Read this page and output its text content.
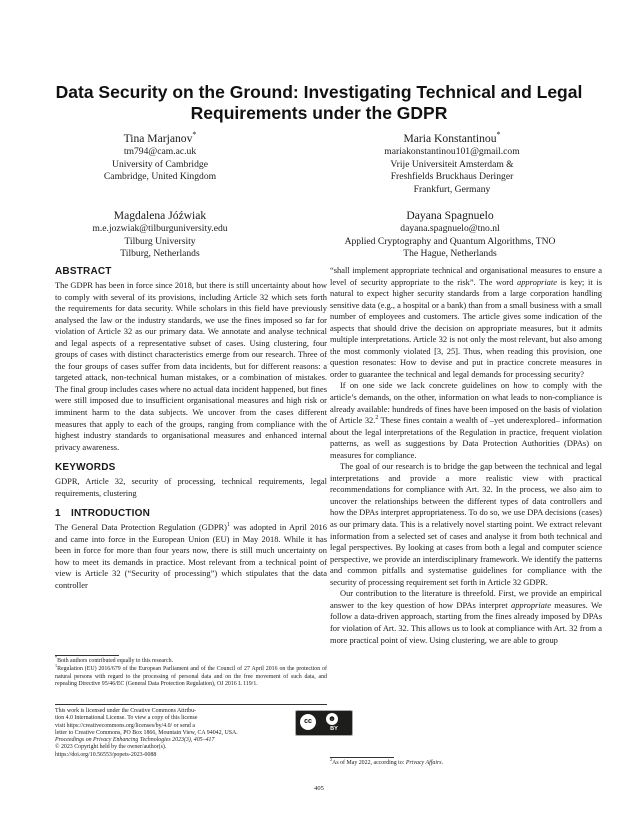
Data Security on the Ground: Investigating Technical and Legal Requirements under the GDPR
Tina Marjanov*
tm794@cam.ac.uk
University of Cambridge
Cambridge, United Kingdom
Maria Konstantinou*
mariakonstantinou101@gmail.com
Vrije Universiteit Amsterdam &
Freshfields Bruckhaus Deringer
Frankfurt, Germany
Magdalena Jóźwiak
m.e.jozwiak@tilburguniversity.edu
Tilburg University
Tilburg, Netherlands
Dayana Spagnuelo
dayana.spagnuelo@tno.nl
Applied Cryptography and Quantum Algorithms, TNO
The Hague, Netherlands
ABSTRACT

The GDPR has been in force since 2018, but there is still uncertainty about how to comply with several of its provisions, including Article 32 which sets forth the requirements for data security. While scholars in this field have previously analysed the law or the industry standards, we use the fines imposed so far for violation of Article 32 as our primary data. We annotate and analyse technical and legal aspects of a representative subset of cases. Using clustering, four groups of cases with distinct characteristics emerge from our research. Three of the four groups of cases suffer from data incidents, but for different reasons: a targeted attack, non-technical human mistakes, or a combination of mistakes. The final group includes cases where no actual data incident happened, but fines were still imposed due to insufficient organisational measures and high risk or imminent harm to the data subjects. We uncover from the cases different measures that apply to each of the groups, ranging from compliance with the highest industry standards to organisational measures and enhanced internal privacy awareness.

KEYWORDS

GDPR, Article 32, security of processing, technical requirements, legal requirements, clustering

1 INTRODUCTION

The General Data Protection Regulation (GDPR)$^1$ was adopted in April 2016 and came into force in the European Union (EU) in May 2018. While it has been in force for more than four years now, there is still much uncertainty on how to meet its demands in practice. Most relevant from a technical point of view is Article 32 (“Security of processing”) which stipulates that the data controller

*Both authors contributed equally to this research.

$^1$Regulation (EU) 2016/679 of the European Parliament and of the Council of 27 April 2016 on the protection of natural persons with regard to the processing of personal data and on the free movement of such data, and repealing Directive 95/46/EC (General Data Protection Regulation), OJ 2016 L 119/1.

This work is licensed under the Creative Commons Attribu-
tion 4.0 International License. To view a copy of this license
visit https://creativecommons.org/licenses/by/4.0/ or send a
letter to Creative Commons, PO Box 1866, Mountain View, CA 94042, USA.
cc	☻
BY
Proceedings on Privacy Enhancing Technologies 2023(3), 405–417
© 2023 Copyright held by the owner/author(s).
https://doi.org/10.56553/popets-2023-0088

“shall implement appropriate technical and organisational measures to ensure a level of security appropriate to the risk”. The word appropriate is key; it is natural to expect higher security standards from a large corporation handling sensitive data (e.g., a hospital or a bank) than from a small business with a small number of employees and customers. The article gives some indication of the aspects that should drive the decision on appropriate measures, but it admits multiple interpretations. Article 32 is not only the most relevant, but also among the most commonly violated [3, 25]. Thus, when reading this provision, one question resonates: How to devise and put in practice concrete measures in order to guarantee the technical and legal demands for processing security?

If on one side we lack concrete guidelines on how to comply with the article’s demands, on the other, information on what leads to non-compliance is already available: hundreds of fines have been imposed on the basis of violation of Article 32.$^2$ These fines contain a wealth of –yet underexplored– information about the legal interpretations of the Regulation in practice, frequent violation patterns, as well as suggestions by Data Protection Authorities (DPAs) on measures for compliance.

The goal of our research is to bridge the gap between the technical and legal interpretations and provide a more realistic view with practical recommendations for compliance with Art. 32. In the process, we also aim to uncover the relationships between the different types of data controllers and how the DPAs interpret appropriateness. To do so, we use DPA decisions (cases) as our primary data. This is a relatively novel starting point. We extract relevant information from a selected set of cases and analyse it from both technical and legal perspectives. By looking at cases from both a legal and computer science perspective, we provide an interdisciplinary framework. We identify the patterns and common pitfalls and systematise guidelines for compliance with the security of processing requirement set forth in Article 32 GDPR.

Our contribution to the literature is threefold. First, we provide an empirical answer to the key question of how DPAs interpret appropriate measures. We follow a data-driven approach, starting from the fines already imposed by DPAs for violation of Art. 32. This allows us to look at compliance with Art. 32 from a more practical point of view. Using clustering, we are able to group

$^2$As of May 2022, according to: Privacy Affairs.
405
